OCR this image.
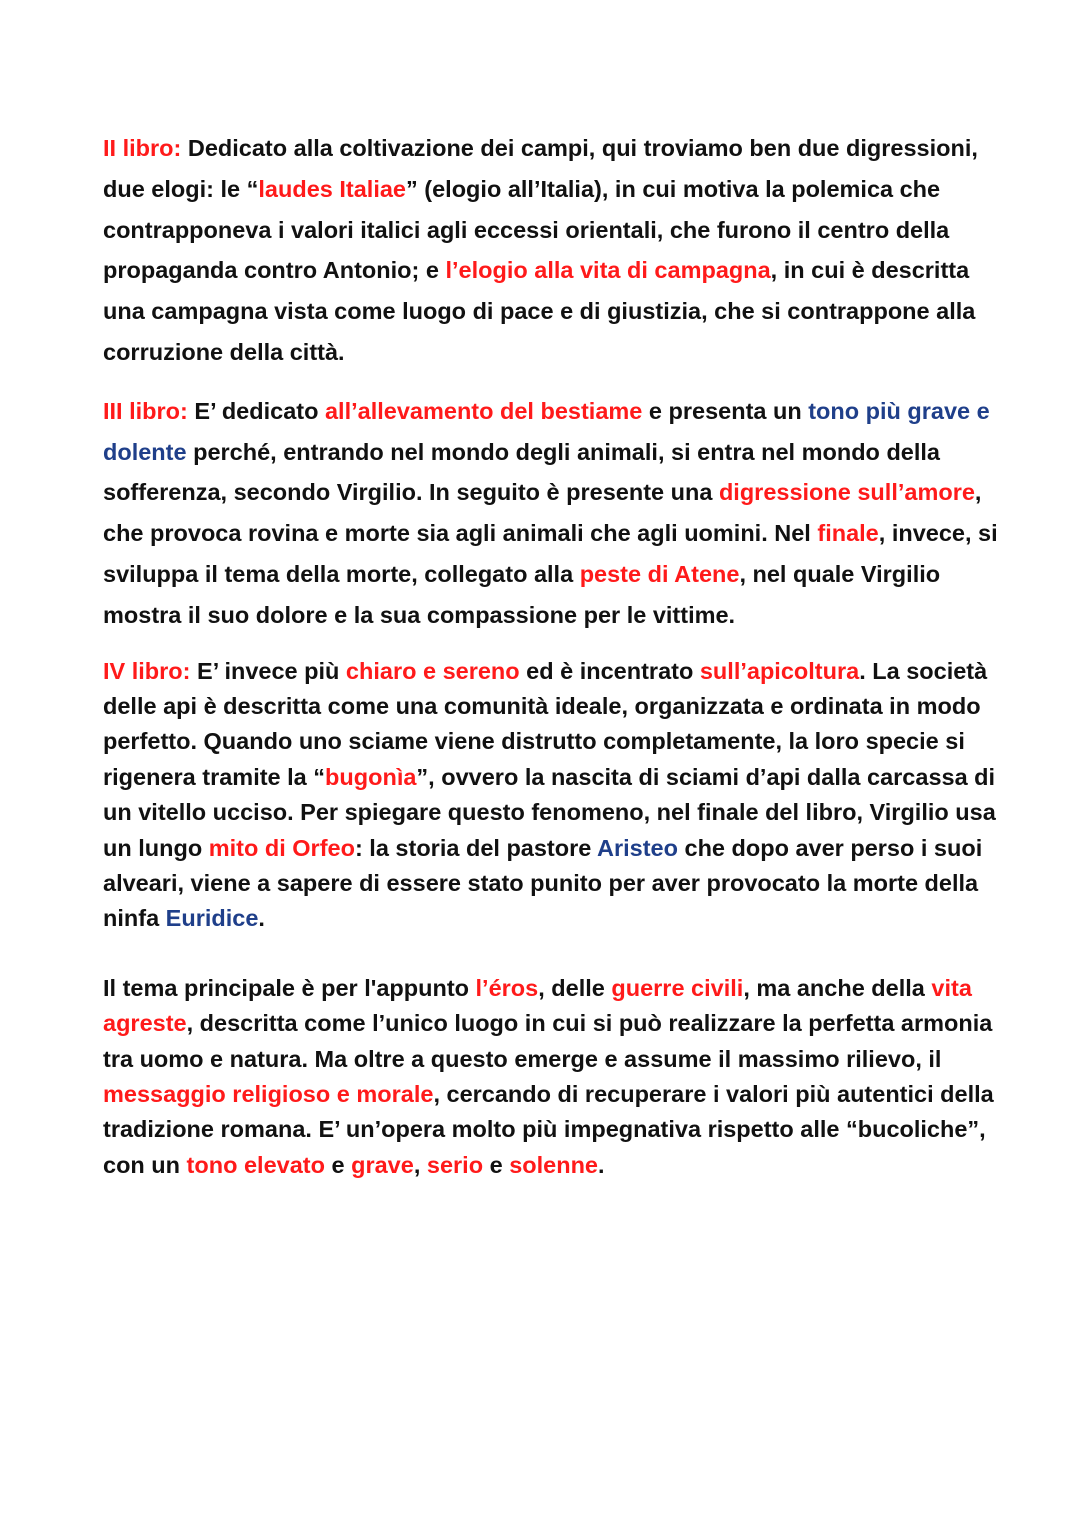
II libro: Dedicato alla coltivazione dei campi, qui troviamo ben due digressioni, due elogi: le “laudes Italiae” (elogio all’Italia), in cui motiva la polemica che contrapponeva i valori italici agli eccessi orientali, che furono il centro della propaganda contro Antonio; e l’elogio alla vita di campagna, in cui è descritta una campagna vista come luogo di pace e di giustizia, che si contrappone alla corruzione della città.

III libro: E’ dedicato all’allevamento del bestiame e presenta un tono più grave e dolente perché, entrando nel mondo degli animali, si entra nel mondo della sofferenza, secondo Virgilio. In seguito è presente una digressione sull’amore, che provoca rovina e morte sia agli animali che agli uomini. Nel finale, invece, si sviluppa il tema della morte, collegato alla peste di Atene, nel quale Virgilio mostra il suo dolore e la sua compassione per le vittime.

IV libro: E’ invece più chiaro e sereno ed è incentrato sull’apicoltura. La società delle api è descritta come una comunità ideale, organizzata e ordinata in modo perfetto. Quando uno sciame viene distrutto completamente, la loro specie si rigenera tramite la “bugonìa”, ovvero la nascita di sciami d’api dalla carcassa di un vitello ucciso. Per spiegare questo fenomeno, nel finale del libro, Virgilio usa un lungo mito di Orfeo: la storia del pastore Aristeo che dopo aver perso i suoi alveari, viene a sapere di essere stato punito per aver provocato la morte della ninfa Euridice.

Il tema principale è per l'appunto l’éros, delle guerre civili, ma anche della vita agreste, descritta come l’unico luogo in cui si può realizzare la perfetta armonia tra uomo e natura. Ma oltre a questo emerge e assume il massimo rilievo, il messaggio religioso e morale, cercando di recuperare i valori più autentici della tradizione romana. E’ un’opera molto più impegnativa rispetto alle “bucoliche”, con un tono elevato e grave, serio e solenne.
